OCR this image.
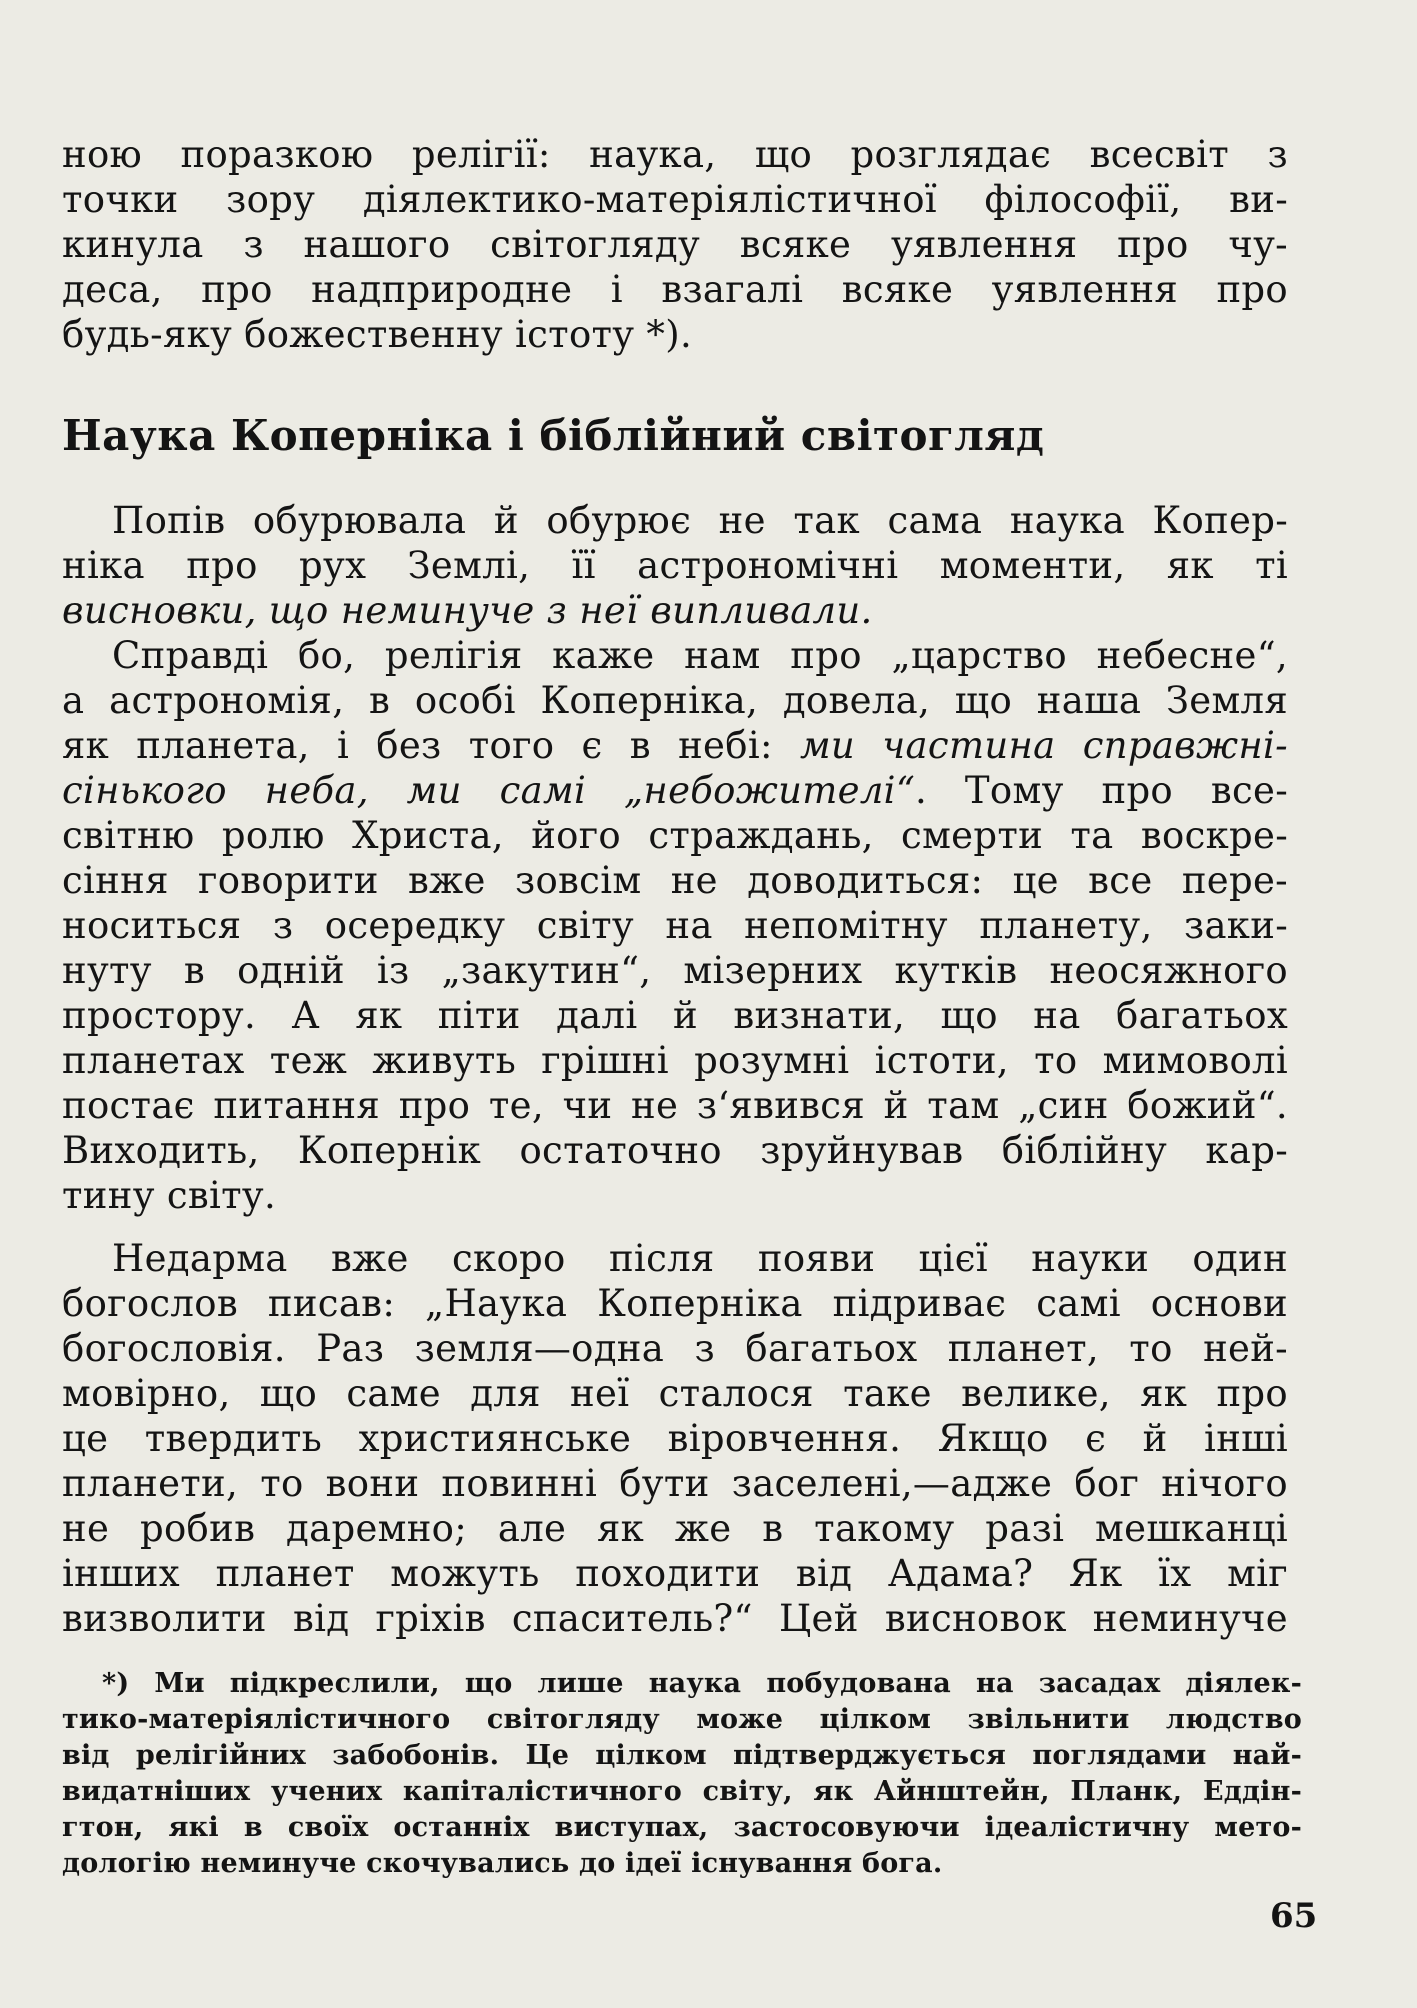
ною поразкою релігії: наука, що розглядає всесвіт з
точки зору діялектико-матеріялістичної філософії, ви-
кинула з нашого світогляду всяке уявлення про чу-
деса, про надприродне і взагалі всяке уявлення про
будь-яку божественну істоту *).
Наука Коперніка і біблійний світогляд
Попів обурювала й обурює не так сама наука Копер-
ніка про рух Землі, її астрономічні моменти, як ті
висновки, що неминуче з неї випливали.
Справді бо, релігія каже нам про „царство небесне“,
а астрономія, в особі Коперніка, довела, що наша Земля
як планета, і без того є в небі: ми частина справжні-
сінького неба, ми самі „небожителі“. Тому про все-
світню ролю Христа, його страждань, смерти та воскре-
сіння говорити вже зовсім не доводиться: це все пере-
носиться з осередку світу на непомітну планету, заки-
нуту в одній із „закутин“, мізерних кутків неосяжного
простору. А як піти далі й визнати, що на багатьох
планетах теж живуть грішні розумні істоти, то мимоволі
постає питання про те, чи не з‘явився й там „син божий“.
Виходить, Копернік остаточно зруйнував біблійну кар-
тину світу.
Недарма вже скоро після появи цієї науки один
богослов писав: „Наука Коперніка підриває самі основи
богословія. Раз земля—одна з багатьох планет, то ней-
мовірно, що саме для неї сталося таке велике, як про
це твердить християнське віровчення. Якщо є й інші
планети, то вони повинні бути заселені,—адже бог нічого
не робив даремно; але як же в такому разі мешканці
інших планет можуть походити від Адама? Як їх міг
визволити від гріхів спаситель?“ Цей висновок неминуче
*) Ми підкреслили, що лише наука побудована на засадах діялек-
тико-матеріялістичного світогляду може цілком звільнити людство
від релігійних забобонів. Це цілком підтверджується поглядами най-
видатніших учених капіталістичного світу, як Айнштейн, Планк, Еддін-
гтон, які в своїх останніх виступах, застосовуючи ідеалістичну мето-
дологію неминуче скочувались до ідеї існування бога.
65
